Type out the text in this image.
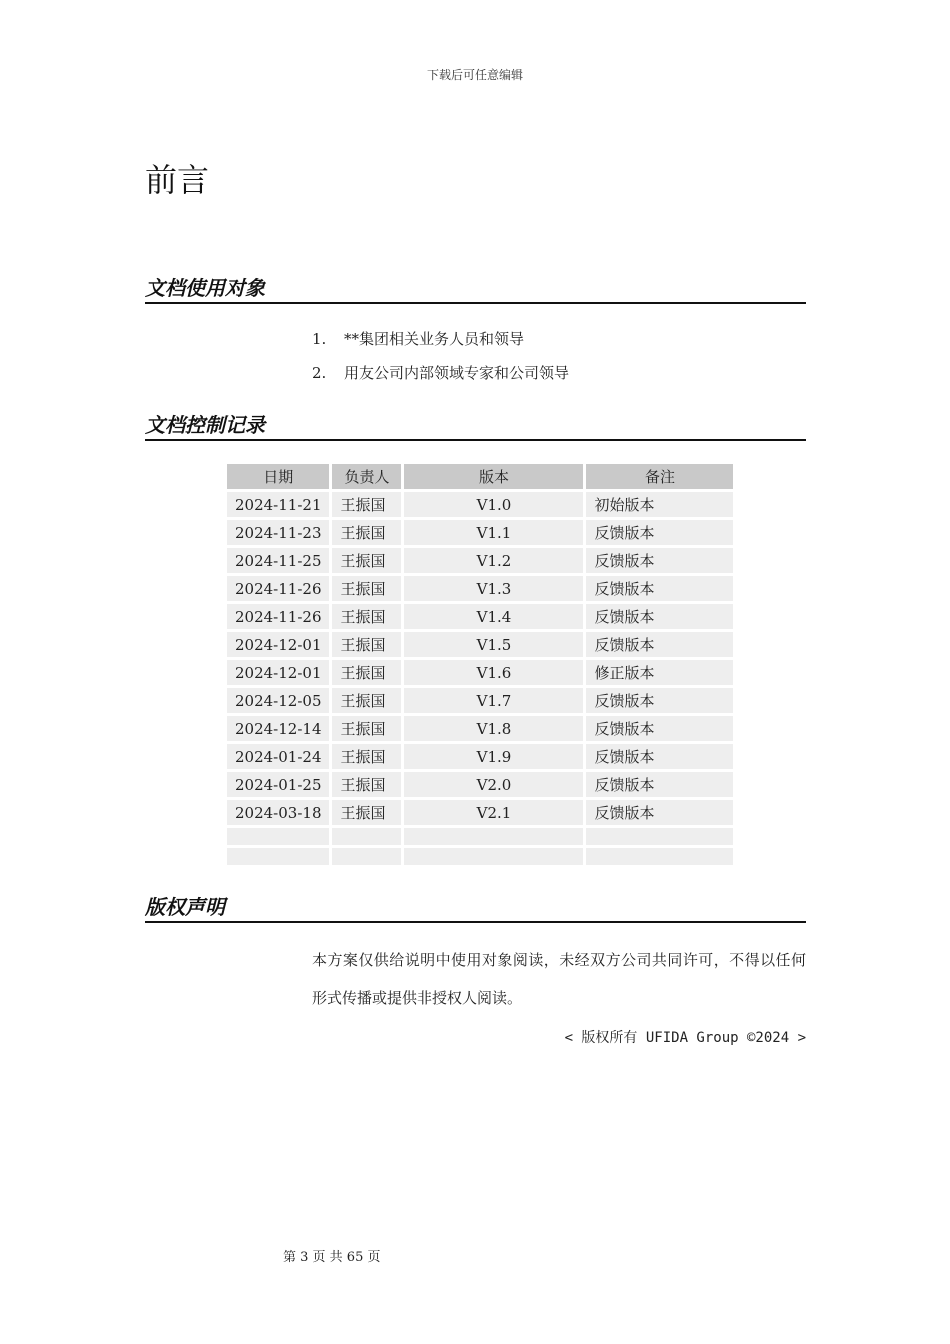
下载后可任意编辑
前言
文档使用对象
1. **集团相关业务人员和领导
2. 用友公司内部领域专家和公司领导
文档控制记录
日期	负责人	版本	备注
2024-11-21	王振国	V1.0	初始版本
2024-11-23	王振国	V1.1	反馈版本
2024-11-25	王振国	V1.2	反馈版本
2024-11-26	王振国	V1.3	反馈版本
2024-11-26	王振国	V1.4	反馈版本
2024-12-01	王振国	V1.5	反馈版本
2024-12-01	王振国	V1.6	修正版本
2024-12-05	王振国	V1.7	反馈版本
2024-12-14	王振国	V1.8	反馈版本
2024-01-24	王振国	V1.9	反馈版本
2024-01-25	王振国	V2.0	反馈版本
2024-03-18	王振国	V2.1	反馈版本

版权声明

本方案仅供给说明中使用对象阅读，未经双方公司共同许可，不得以任何形式传播或提供非授权人阅读。

< 版权所有 UFIDA Group ©2024 >
第 3 页 共 65 页
